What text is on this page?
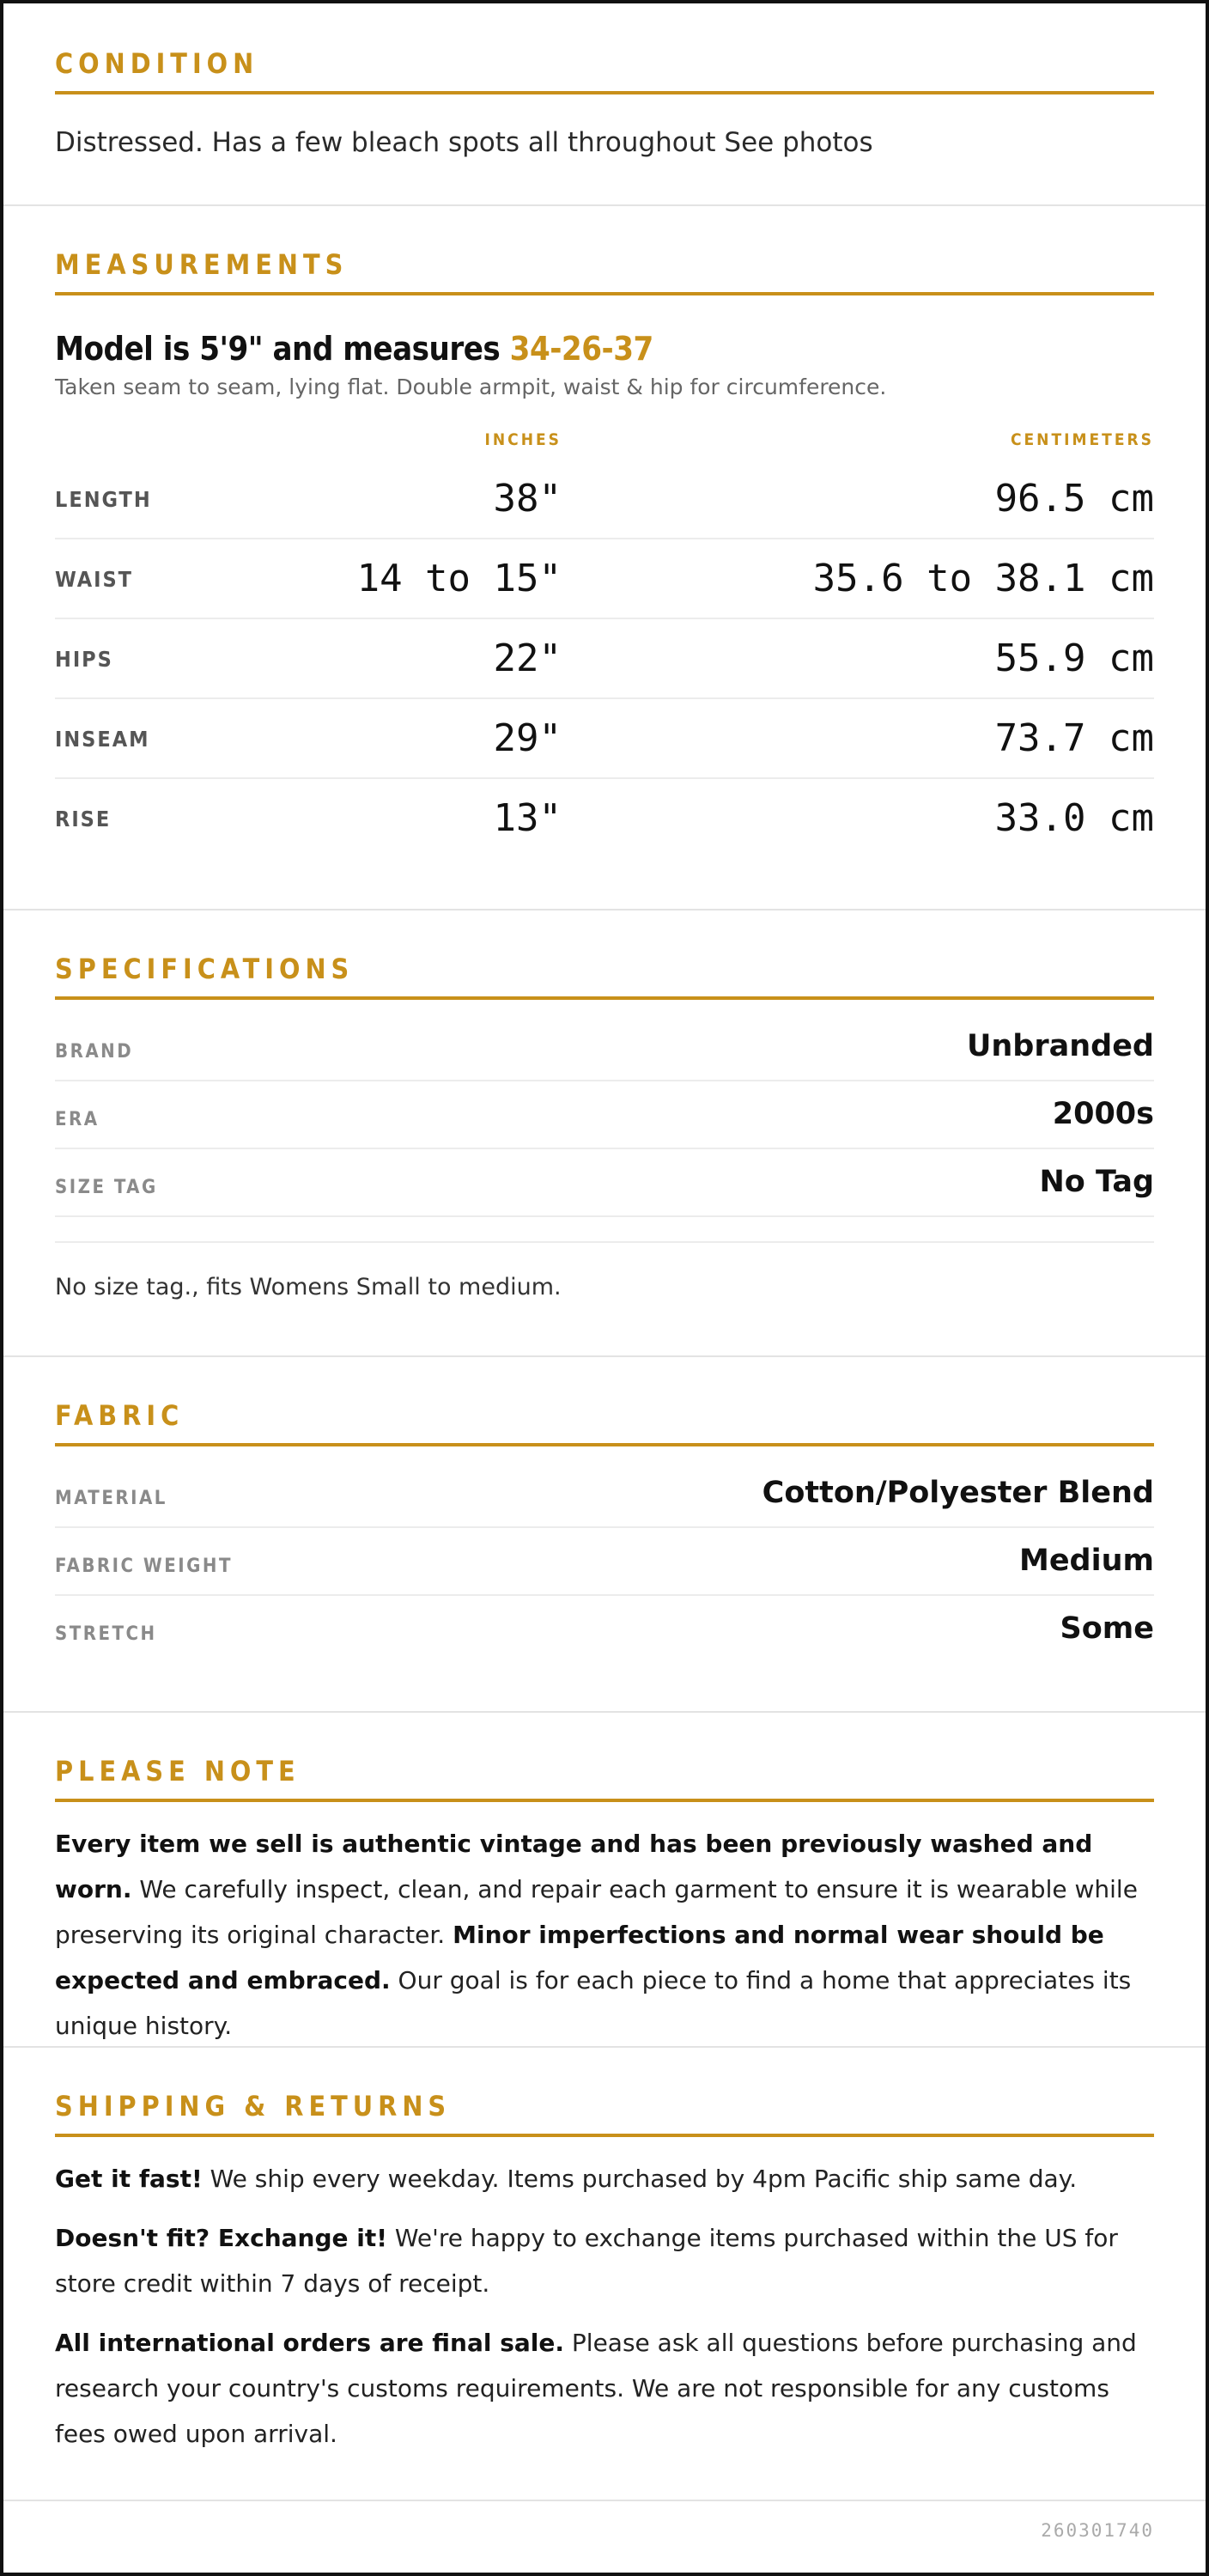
CONDITION
Distressed. Has a few bleach spots all throughout See photos
MEASUREMENTS
Model is 5'9" and measures 34-26-37
Taken seam to seam, lying flat. Double armpit, waist & hip for circumference.
INCHES	CENTIMETERS
LENGTH	38"	96.5 cm
WAIST	14 to 15"	35.6 to 38.1 cm
HIPS	22"	55.9 cm
INSEAM	29"	73.7 cm
RISE	13"	33.0 cm
SPECIFICATIONS
BRAND	Unbranded
ERA	2000s
SIZE TAG	No Tag
No size tag., fits Womens Small to medium.
FABRIC
MATERIAL	Cotton/Polyester Blend
FABRIC WEIGHT	Medium
STRETCH	Some
PLEASE NOTE
Every item we sell is authentic vintage and has been previously washed and worn. We carefully inspect, clean, and repair each garment to ensure it is wearable while preserving its original character. Minor imperfections and normal wear should be expected and embraced. Our goal is for each piece to find a home that appreciates its unique history.
SHIPPING & RETURNS
Get it fast! We ship every weekday. Items purchased by 4pm Pacific ship same day.
Doesn't fit? Exchange it! We're happy to exchange items purchased within the US for store credit within 7 days of receipt.
All international orders are final sale. Please ask all questions before purchasing and research your country's customs requirements. We are not responsible for any customs fees owed upon arrival.
260301740
